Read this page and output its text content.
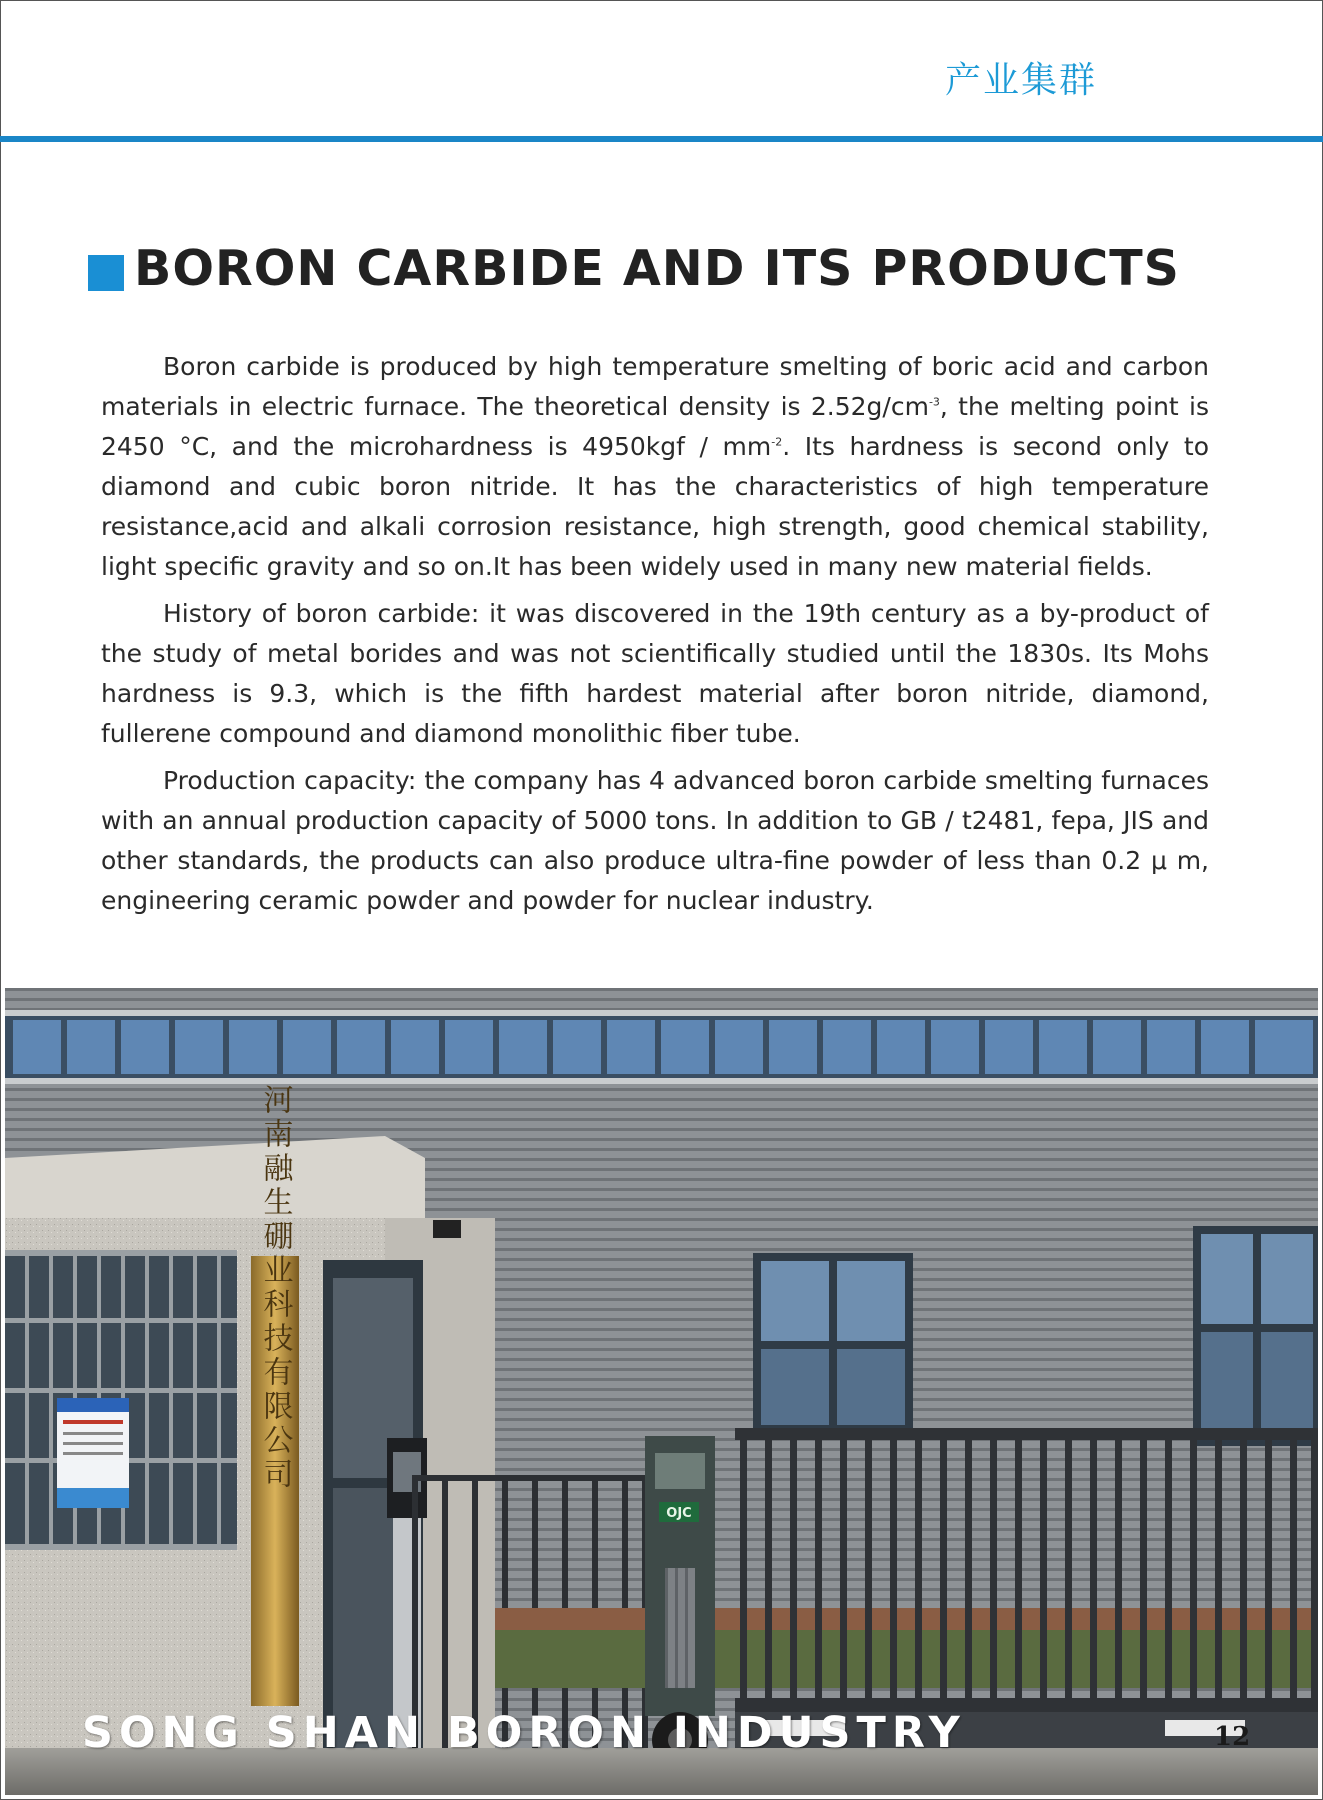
产业集群
BORON CARBIDE AND ITS PRODUCTS

Boron carbide is produced by high temperature smelting of boric acid and carbon materials in electric furnace. The theoretical density is $2.52g/cm^{-3}$, the melting point is 2450 °C, and the microhardness is $4950kgf / mm^{-2}$. Its hardness is second only to diamond and cubic boron nitride. It has the characteristics of high temperature resistance,acid and alkali corrosion resistance, high strength, good chemical stability, light specific gravity and so on.It has been widely used in many new material fields.

History of boron carbide: it was discovered in the 19th century as a by-product of the study of metal borides and was not scientifically studied until the 1830s. Its Mohs hardness is 9.3, which is the fifth hardest material after boron nitride, diamond, fullerene compound and diamond monolithic fiber tube.

Production capacity: the company has 4 advanced boron carbide smelting furnaces with an annual production capacity of 5000 tons. In addition to GB / t2481, fepa, JIS and other standards, the products can also produce ultra-fine powder of less than 0.2 μ m, engineering ceramic powder and powder for nuclear industry.

河南融生硼业科技有限公司
OJC
SONG SHAN BORON INDUSTRY	12
